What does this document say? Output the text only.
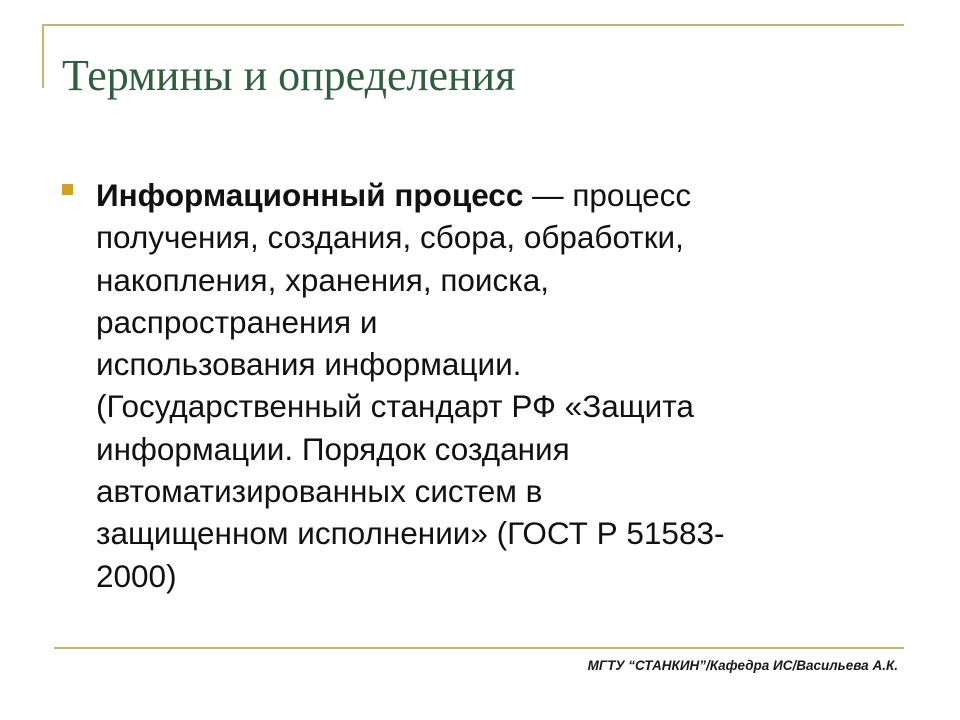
Термины и определения

Информационный процесс — процесс
получения, создания, сбора, обработки,
накопления, хранения, поиска,
распространения и
использования информации.
(Государственный стандарт РФ «Защита
информации. Порядок создания
автоматизированных систем в
защищенном исполнении» (ГОСТ Р 51583-
2000)

МГТУ “СТАНКИН”/Кафедра ИС/Васильева А.К.
